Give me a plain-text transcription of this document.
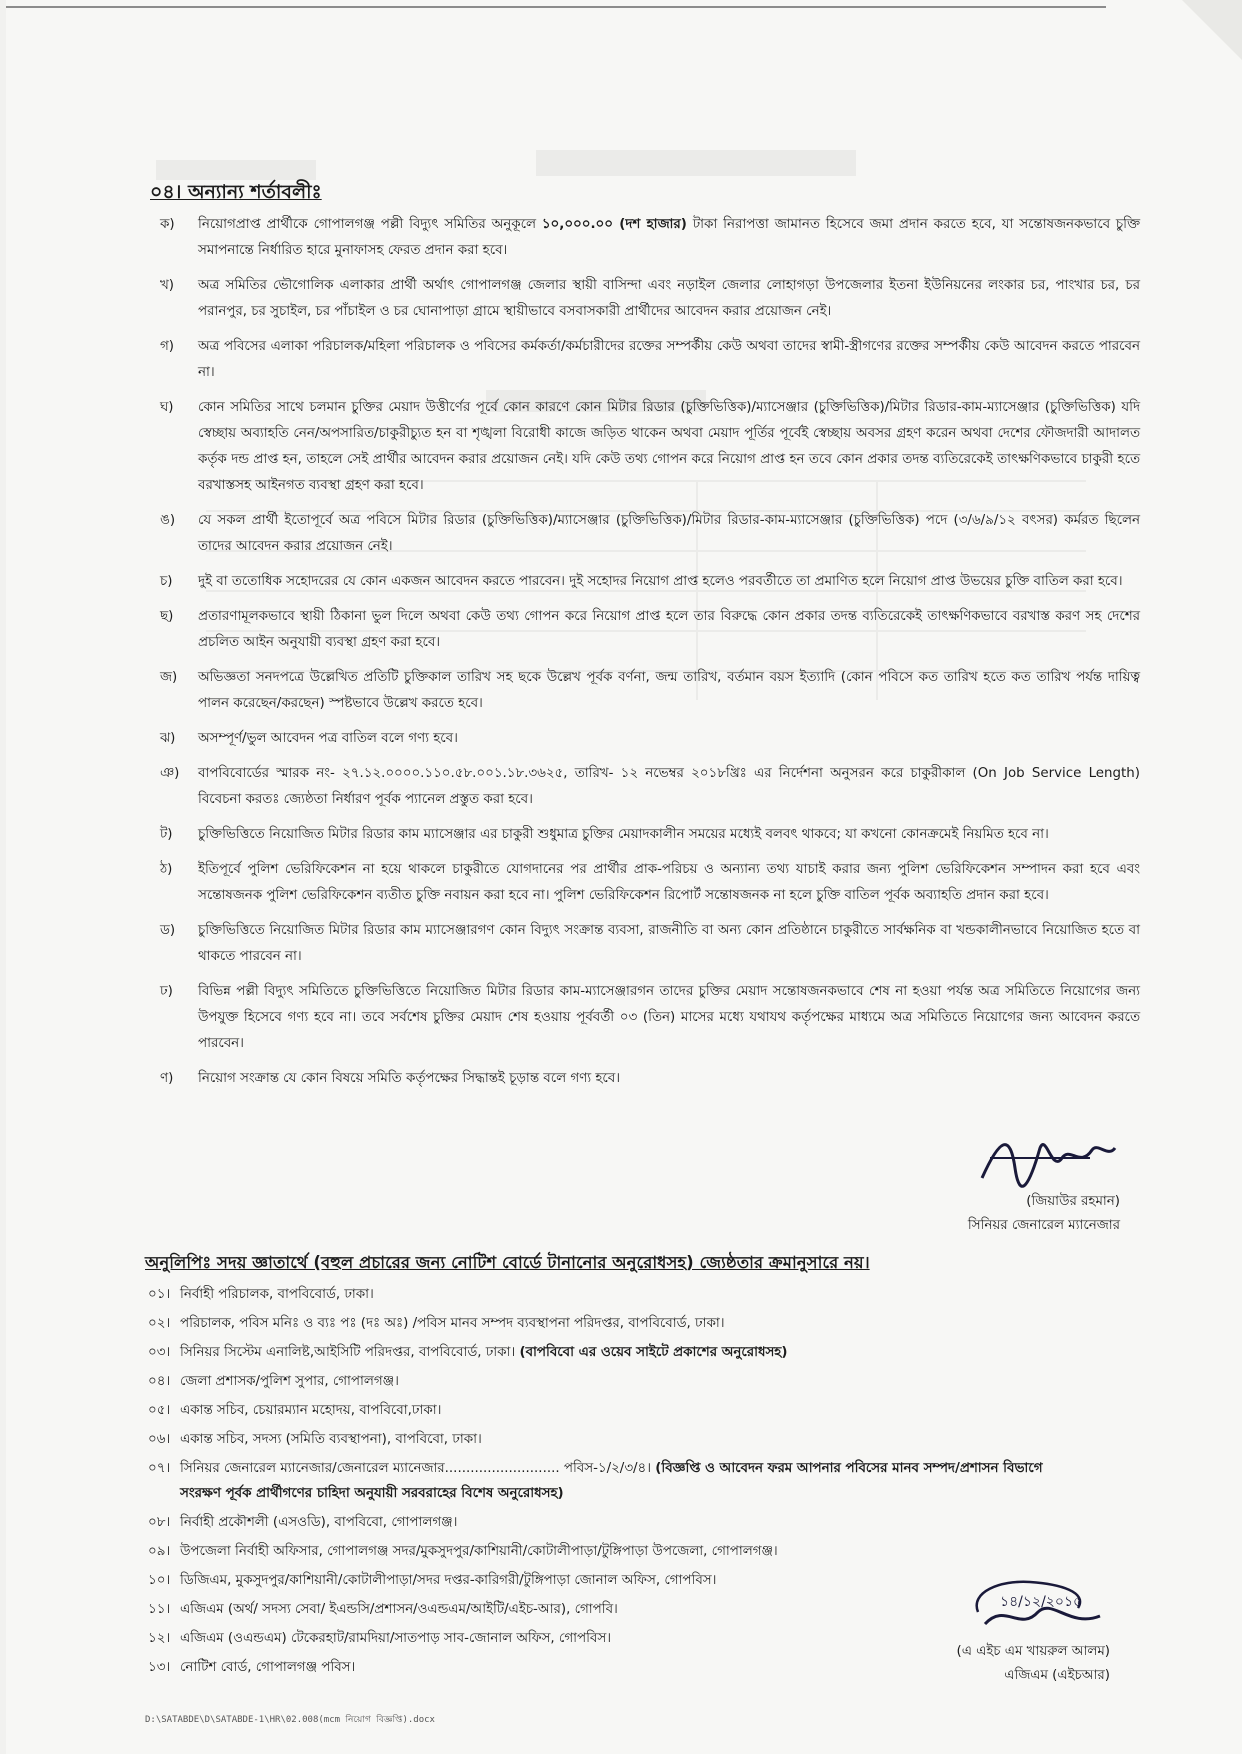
০৪। অন্যান্য শর্তাবলীঃ
ক)	নিয়োগপ্রাপ্ত প্রার্থীকে গোপালগঞ্জ পল্লী বিদ্যুৎ সমিতির অনুকূলে ১০,০০০.০০ (দশ হাজার) টাকা নিরাপত্তা জামানত হিসেবে জমা প্রদান করতে হবে, যা সন্তোষজনকভাবে চুক্তি সমাপনান্তে নির্ধারিত হারে মুনাফাসহ ফেরত প্রদান করা হবে।
খ)	অত্র সমিতির ভৌগোলিক এলাকার প্রার্থী অর্থাৎ গোপালগঞ্জ জেলার স্থায়ী বাসিন্দা এবং নড়াইল জেলার লোহাগড়া উপজেলার ইতনা ইউনিয়নের লংকার চর, পাংখার চর, চর পরানপুর, চর সুচাইল, চর পাঁচাইল ও চর ঘোনাপাড়া গ্রামে স্থায়ীভাবে বসবাসকারী প্রার্থীদের আবেদন করার প্রয়োজন নেই।
গ)	অত্র পবিসের এলাকা পরিচালক/মহিলা পরিচালক ও পবিসের কর্মকর্তা/কর্মচারীদের রক্তের সম্পর্কীয় কেউ অথবা তাদের স্বামী-স্ত্রীগণের রক্তের সম্পর্কীয় কেউ আবেদন করতে পারবেন না।
ঘ)	কোন সমিতির সাথে চলমান চুক্তির মেয়াদ উত্তীর্ণের পূর্বে কোন কারণে কোন মিটার রিডার (চুক্তিভিত্তিক)/ম্যাসেঞ্জার (চুক্তিভিত্তিক)/মিটার রিডার-কাম-ম্যাসেঞ্জার (চুক্তিভিত্তিক) যদি স্বেচ্ছায় অব্যাহতি নেন/অপসারিত/চাকুরীচ্যুত হন বা শৃঙ্খলা বিরোধী কাজে জড়িত থাকেন অথবা মেয়াদ পূর্তির পূর্বেই স্বেচ্ছায় অবসর গ্রহণ করেন অথবা দেশের ফৌজদারী আদালত কর্তৃক দন্ড প্রাপ্ত হন, তাহলে সেই প্রার্থীর আবেদন করার প্রয়োজন নেই। যদি কেউ তথ্য গোপন করে নিয়োগ প্রাপ্ত হন তবে কোন প্রকার তদন্ত ব্যতিরেকেই তাৎক্ষণিকভাবে চাকুরী হতে বরখাস্তসহ আইনগত ব্যবস্থা গ্রহণ করা হবে।
ঙ)	যে সকল প্রার্থী ইতোপূর্বে অত্র পবিসে মিটার রিডার (চুক্তিভিত্তিক)/ম্যাসেঞ্জার (চুক্তিভিত্তিক)/মিটার রিডার-কাম-ম্যাসেঞ্জার (চুক্তিভিত্তিক) পদে (৩/৬/৯/১২ বৎসর) কর্মরত ছিলেন তাদের আবেদন করার প্রয়োজন নেই।
চ)	দুই বা ততোধিক সহোদরের যে কোন একজন আবেদন করতে পারবেন। দুই সহোদর নিয়োগ প্রাপ্ত হলেও পরবর্তীতে তা প্রমাণিত হলে নিয়োগ প্রাপ্ত উভয়ের চুক্তি বাতিল করা হবে।
ছ)	প্রতারণামূলকভাবে স্থায়ী ঠিকানা ভুল দিলে অথবা কেউ তথ্য গোপন করে নিয়োগ প্রাপ্ত হলে তার বিরুদ্ধে কোন প্রকার তদন্ত ব্যতিরেকেই তাৎক্ষণিকভাবে বরখাস্ত করণ সহ দেশের প্রচলিত আইন অনুযায়ী ব্যবস্থা গ্রহণ করা হবে।
জ)	অভিজ্ঞতা সনদপত্রে উল্লেখিত প্রতিটি চুক্তিকাল তারিখ সহ ছকে উল্লেখ পূর্বক বর্ণনা, জন্ম তারিখ, বর্তমান বয়স ইত্যাদি (কোন পবিসে কত তারিখ হতে কত তারিখ পর্যন্ত দায়িত্ব পালন করেছেন/করছেন) স্পষ্টভাবে উল্লেখ করতে হবে।
ঝ)	অসম্পূর্ণ/ভুল আবেদন পত্র বাতিল বলে গণ্য হবে।
ঞ)	বাপবিবোর্ডের স্মারক নং- ২৭.১২.০০০০.১১০.৫৮.০০১.১৮.৩৬২৫, তারিখ- ১২ নভেম্বর ২০১৮খ্রিঃ এর নির্দেশনা অনুসরন করে চাকুরীকাল (On Job Service Length) বিবেচনা করতঃ জ্যেষ্ঠতা নির্ধারণ পূর্বক প্যানেল প্রস্তুত করা হবে।
ট)	চুক্তিভিত্তিতে নিয়োজিত মিটার রিডার কাম ম্যাসেঞ্জার এর চাকুরী শুধুমাত্র চুক্তির মেয়াদকালীন সময়ের মধ্যেই বলবৎ থাকবে; যা কখনো কোনক্রমেই নিয়মিত হবে না।
ঠ)	ইতিপূর্বে পুলিশ ভেরিফিকেশন না হয়ে থাকলে চাকুরীতে যোগদানের পর প্রার্থীর প্রাক-পরিচয় ও অন্যান্য তথ্য যাচাই করার জন্য পুলিশ ভেরিফিকেশন সম্পাদন করা হবে এবং সন্তোষজনক পুলিশ ভেরিফিকেশন ব্যতীত চুক্তি নবায়ন করা হবে না। পুলিশ ভেরিফিকেশন রিপোর্ট সন্তোষজনক না হলে চুক্তি বাতিল পূর্বক অব্যাহতি প্রদান করা হবে।
ড)	চুক্তিভিত্তিতে নিয়োজিত মিটার রিডার কাম ম্যাসেঞ্জারগণ কোন বিদ্যুৎ সংক্রান্ত ব্যবসা, রাজনীতি বা অন্য কোন প্রতিষ্ঠানে চাকুরীতে সার্বক্ষনিক বা খন্ডকালীনভাবে নিয়োজিত হতে বা থাকতে পারবেন না।
ঢ)	বিভিন্ন পল্লী বিদ্যুৎ সমিতিতে চুক্তিভিত্তিতে নিয়োজিত মিটার রিডার কাম-ম্যাসেঞ্জারগন তাদের চুক্তির মেয়াদ সন্তোষজনকভাবে শেষ না হওয়া পর্যন্ত অত্র সমিতিতে নিয়োগের জন্য উপযুক্ত হিসেবে গণ্য হবে না। তবে সর্বশেষ চুক্তির মেয়াদ শেষ হওয়ায় পূর্ববর্তী ০৩ (তিন) মাসের মধ্যে যথাযথ কর্তৃপক্ষের মাধ্যমে অত্র সমিতিতে নিয়োগের জন্য আবেদন করতে পারবেন।
ণ)	নিয়োগ সংক্রান্ত যে কোন বিষয়ে সমিতি কর্তৃপক্ষের সিদ্ধান্তই চূড়ান্ত বলে গণ্য হবে।
(জিয়াউর রহমান)
সিনিয়র জেনারেল ম্যানেজার
অনুলিপিঃ সদয় জ্ঞাতার্থে (বহুল প্রচারের জন্য নোটিশ বোর্ডে টানানোর অনুরোধসহ) জ্যেষ্ঠতার ক্রমানুসারে নয়।
০১। নির্বাহী পরিচালক, বাপবিবোর্ড, ঢাকা।
০২। পরিচালক, পবিস মনিঃ ও ব্যঃ পঃ (দঃ অঃ) /পবিস মানব সম্পদ ব্যবস্থাপনা পরিদপ্তর, বাপবিবোর্ড, ঢাকা।
০৩। সিনিয়র সিস্টেম এনালিষ্ট,আইসিটি পরিদপ্তর, বাপবিবোর্ড, ঢাকা। (বাপবিবো এর ওয়েব সাইটে প্রকাশের অনুরোধসহ)
০৪। জেলা প্রশাসক/পুলিশ সুপার, গোপালগঞ্জ।
০৫। একান্ত সচিব, চেয়ারম্যান মহোদয়, বাপবিবো,ঢাকা।
০৬। একান্ত সচিব, সদস্য (সমিতি ব্যবস্থাপনা), বাপবিবো, ঢাকা।
০৭। সিনিয়র জেনারেল ম্যানেজার/জেনারেল ম্যানেজার........................... পবিস-১/২/৩/৪। (বিজ্ঞপ্তি ও আবেদন ফরম আপনার পবিসের মানব সম্পদ/প্রশাসন বিভাগে সংরক্ষণ পূর্বক প্রার্থীগণের চাহিদা অনুযায়ী সরবরাহের বিশেষ অনুরোধসহ)
০৮। নির্বাহী প্রকৌশলী (এসওডি), বাপবিবো, গোপালগঞ্জ।
০৯। উপজেলা নির্বাহী অফিসার, গোপালগঞ্জ সদর/মুকসুদপুর/কাশিয়ানী/কোটালীপাড়া/টুঙ্গিপাড়া উপজেলা, গোপালগঞ্জ।
১০। ডিজিএম, মুকসুদপুর/কাশিয়ানী/কোটালীপাড়া/সদর দপ্তর-কারিগরী/টুঙ্গিপাড়া জোনাল অফিস, গোপবিস।
১১। এজিএম (অর্থ/ সদস্য সেবা/ ইএন্ডসি/প্রশাসন/ওএন্ডএম/আইটি/এইচ-আর), গোপবি।
১২। এজিএম (ওএন্ডএম) টেকেরহাট/রামদিয়া/সাতপাড় সাব-জোনাল অফিস, গোপবিস।
১৩। নোটিশ বোর্ড, গোপালগঞ্জ পবিস।
১৪/১২/২০১৫
(এ এইচ এম খায়রুল আলম)
এজিএম (এইচআর)
D:\SATABDE\D\SATABDE-1\HR\02.008(mcm নিয়োগ বিজ্ঞপ্তি).docx
